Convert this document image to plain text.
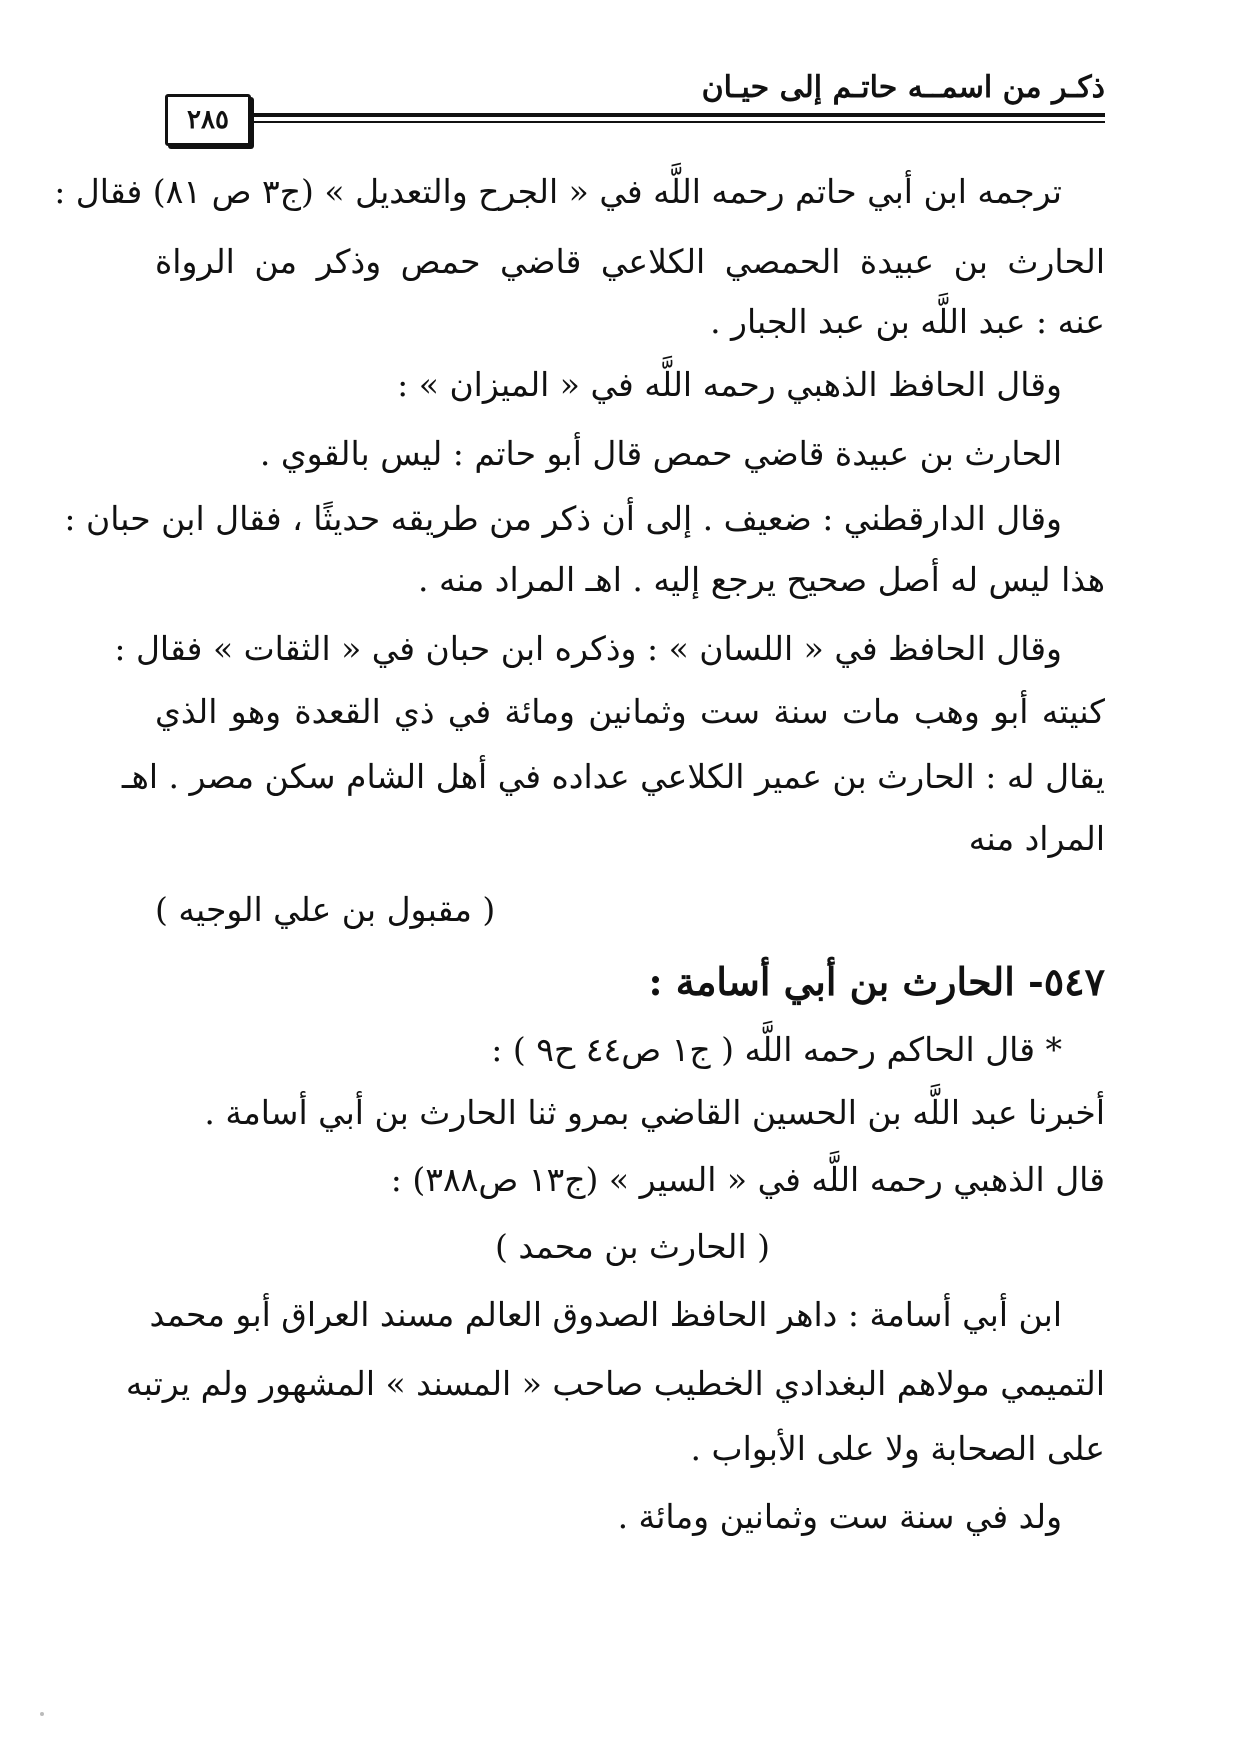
ذكـر من اسمــه حاتـم إلى حيـان
٢٨٥
ترجمه ابن أبي حاتم رحمه اللَّه في « الجرح والتعديل » (ج٣ ص ٨١) فقال :
الحارث بن عبيدة الحمصي الكلاعي قاضي حمص وذكر من الرواة
عنه : عبد اللَّه بن عبد الجبار .
وقال الحافظ الذهبي رحمه اللَّه في « الميزان » :
الحارث بن عبيدة قاضي حمص قال أبو حاتم : ليس بالقوي .
وقال الدارقطني : ضعيف . إلى أن ذكر من طريقه حديثًا ، فقال ابن حبان :
هذا ليس له أصل صحيح يرجع إليه . اهـ المراد منه .
وقال الحافظ في « اللسان » : وذكره ابن حبان في « الثقات » فقال :
كنيته أبو وهب مات سنة ست وثمانين ومائة في ذي القعدة وهو الذي
يقال له : الحارث بن عمير الكلاعي عداده في أهل الشام سكن مصر . اهـ
المراد منه
( مقبول بن علي الوجيه )
٥٤٧- الحارث بن أبي أسامة :
* قال الحاكم رحمه اللَّه ( ج١ ص٤٤ ح٩ ) :
أخبرنا عبد اللَّه بن الحسين القاضي بمرو ثنا الحارث بن أبي أسامة .
قال الذهبي رحمه اللَّه في « السير » (ج١٣ ص٣٨٨) :
( الحارث بن محمد )
ابن أبي أسامة : داهر الحافظ الصدوق العالم مسند العراق أبو محمد
التميمي مولاهم البغدادي الخطيب صاحب « المسند » المشهور ولم يرتبه
على الصحابة ولا على الأبواب .
ولد في سنة ست وثمانين ومائة .
